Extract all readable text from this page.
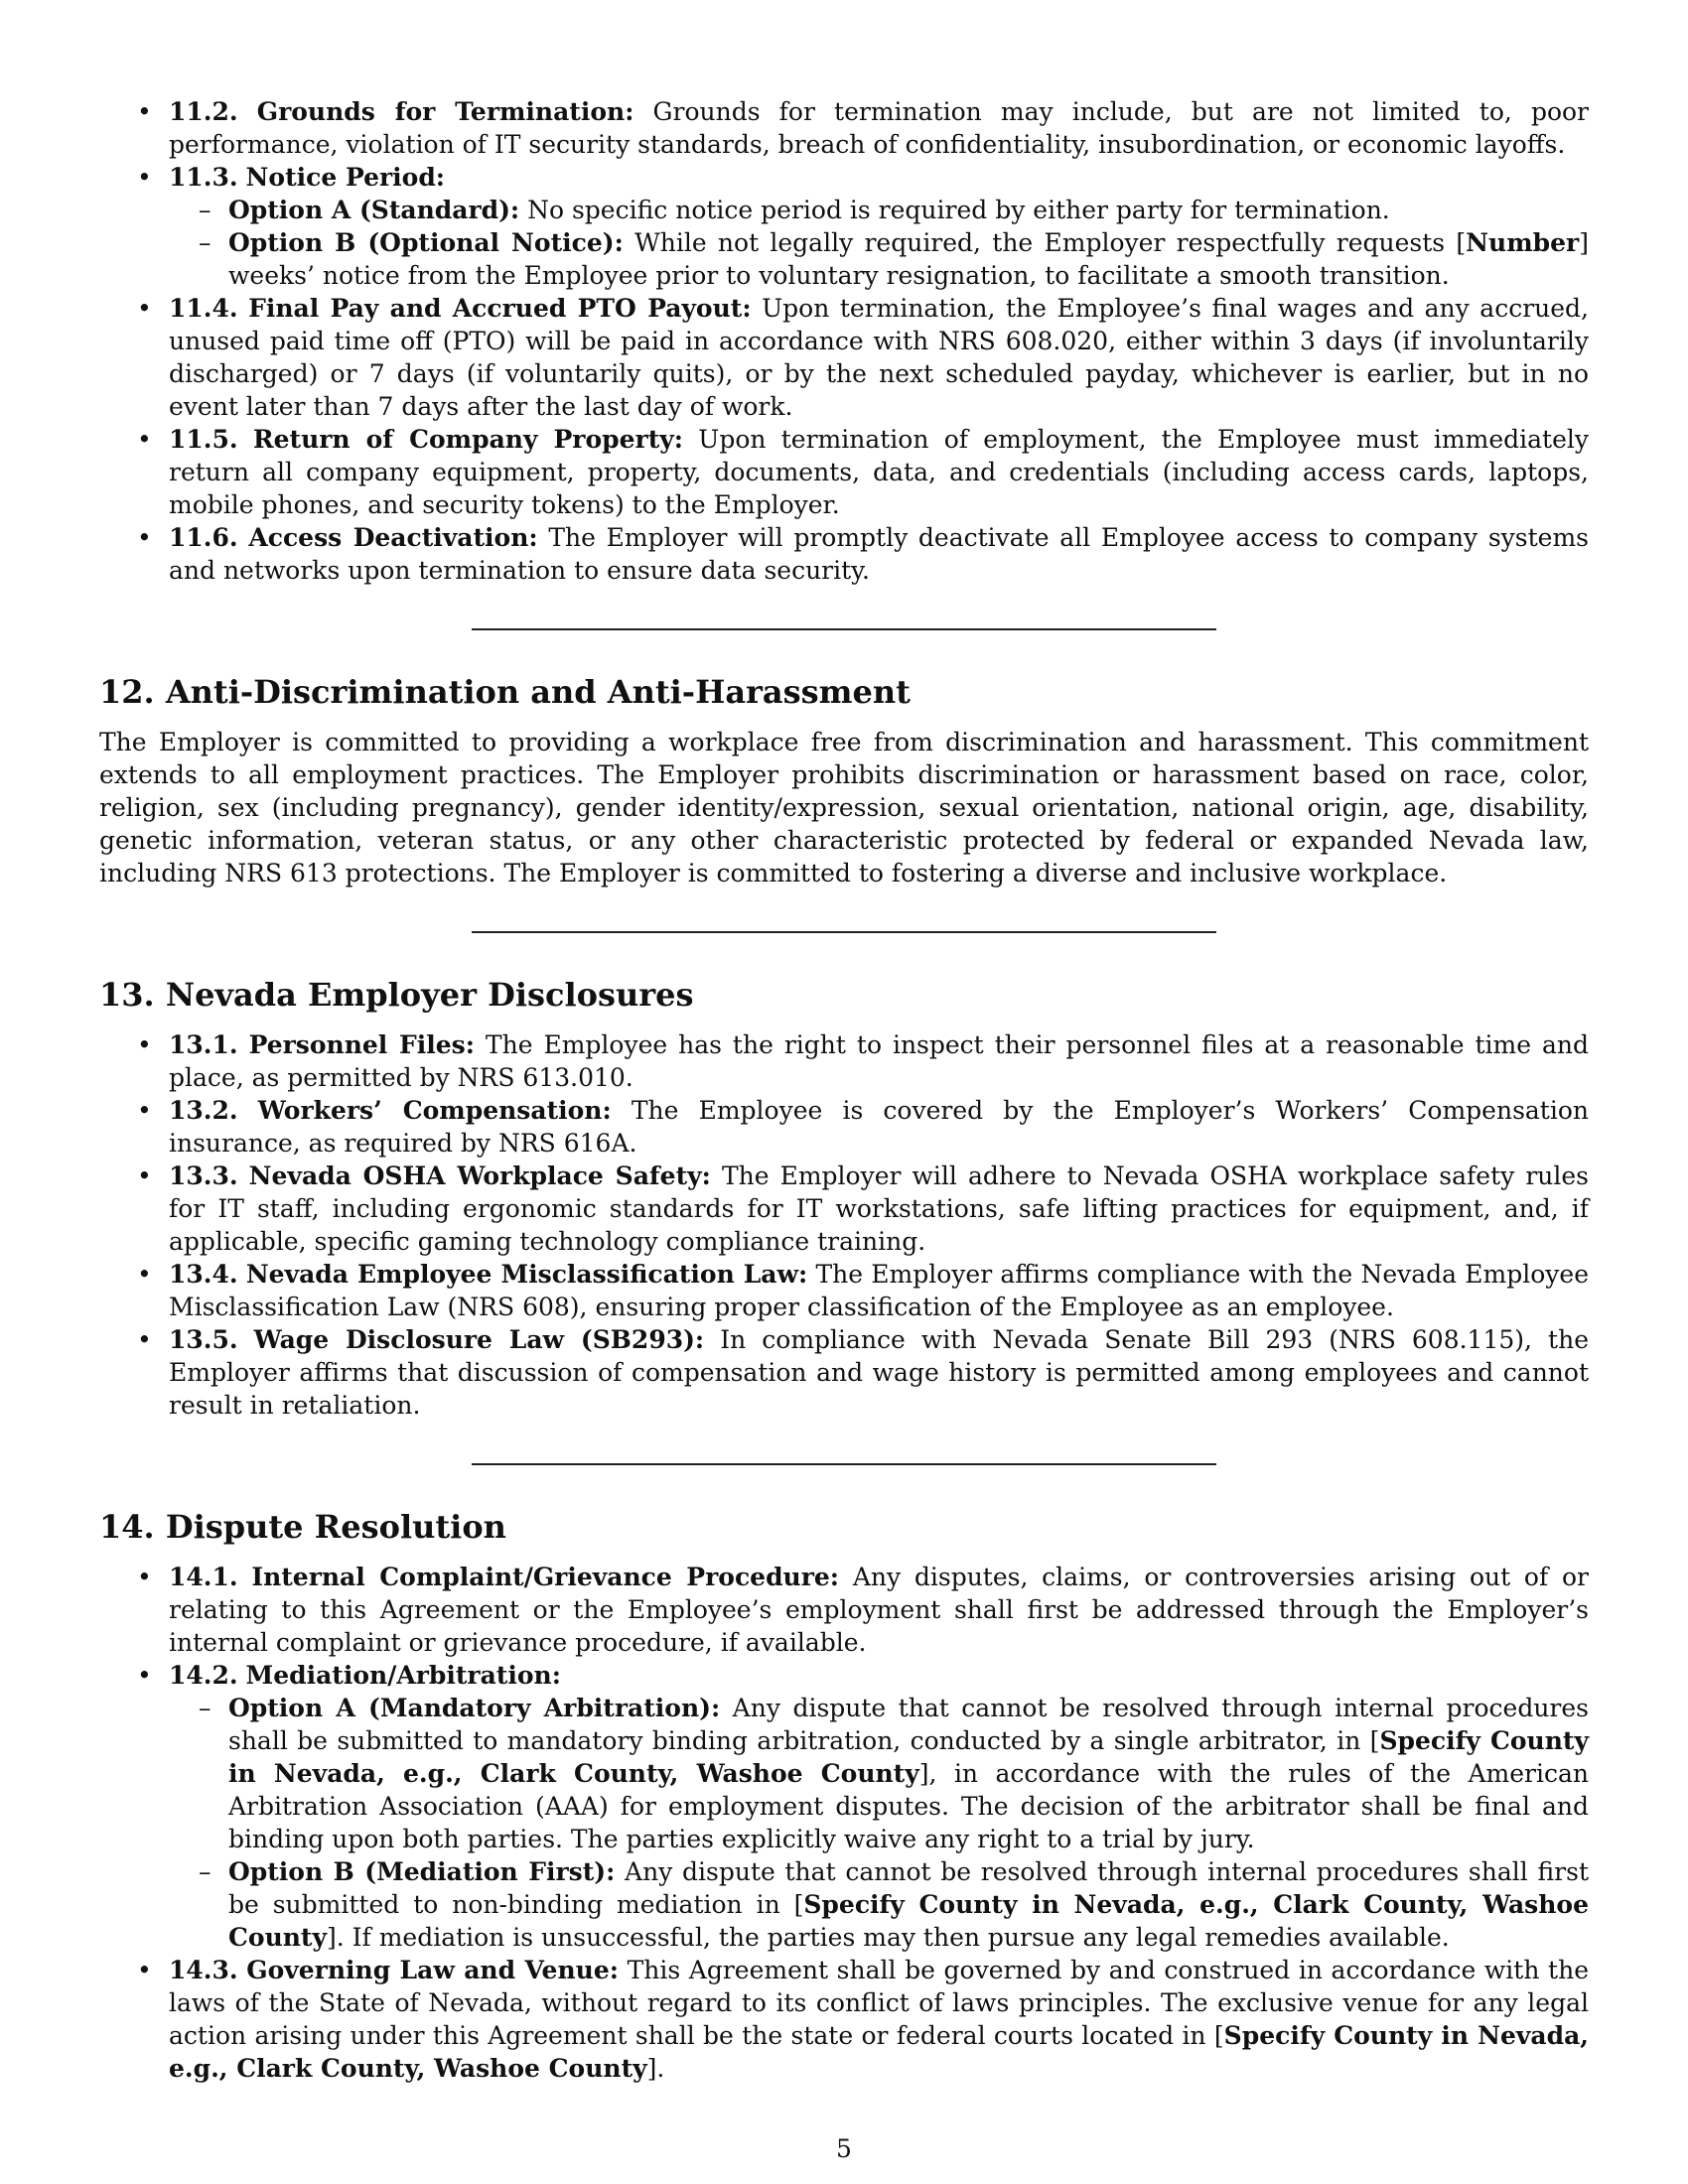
• 11.2. Grounds for Termination: Grounds for termination may include, but are not limited to, poor performance, violation of IT security standards, breach of confidentiality, insubordination, or economic layoffs.
• 11.3. Notice Period:
– Option A (Standard): No specific notice period is required by either party for termination.
– Option B (Optional Notice): While not legally required, the Employer respectfully requests [Number] weeks’ notice from the Employee prior to voluntary resignation, to facilitate a smooth transition.
• 11.4. Final Pay and Accrued PTO Payout: Upon termination, the Employee’s final wages and any accrued, unused paid time off (PTO) will be paid in accordance with NRS 608.020, either within 3 days (if involuntarily discharged) or 7 days (if voluntarily quits), or by the next scheduled payday, whichever is earlier, but in no event later than 7 days after the last day of work.
• 11.5. Return of Company Property: Upon termination of employment, the Employee must immediately return all company equipment, property, documents, data, and credentials (including access cards, laptops, mobile phones, and security tokens) to the Employer.
• 11.6. Access Deactivation: The Employer will promptly deactivate all Employee access to company systems and networks upon termination to ensure data security.
12. Anti-Discrimination and Anti-Harassment

The Employer is committed to providing a workplace free from discrimination and harassment. This commitment extends to all employment practices. The Employer prohibits discrimination or harassment based on race, color, religion, sex (including pregnancy), gender identity/expression, sexual orientation, national origin, age, disability, genetic information, veteran status, or any other characteristic protected by federal or expanded Nevada law, including NRS 613 protections. The Employer is committed to fostering a diverse and inclusive workplace.

13. Nevada Employer Disclosures
• 13.1. Personnel Files: The Employee has the right to inspect their personnel files at a reasonable time and place, as permitted by NRS 613.010.
• 13.2. Workers’ Compensation: The Employee is covered by the Employer’s Workers’ Compensation insurance, as required by NRS 616A.
• 13.3. Nevada OSHA Workplace Safety: The Employer will adhere to Nevada OSHA workplace safety rules for IT staff, including ergonomic standards for IT workstations, safe lifting practices for equipment, and, if applicable, specific gaming technology compliance training.
• 13.4. Nevada Employee Misclassification Law: The Employer affirms compliance with the Nevada Employee Misclassification Law (NRS 608), ensuring proper classification of the Employee as an employee.
• 13.5. Wage Disclosure Law (SB293): In compliance with Nevada Senate Bill 293 (NRS 608.115), the Employer affirms that discussion of compensation and wage history is permitted among employees and cannot result in retaliation.
14. Dispute Resolution
• 14.1. Internal Complaint/Grievance Procedure: Any disputes, claims, or controversies arising out of or relating to this Agreement or the Employee’s employment shall first be addressed through the Employer’s internal complaint or grievance procedure, if available.
• 14.2. Mediation/Arbitration:
– Option A (Mandatory Arbitration): Any dispute that cannot be resolved through internal procedures shall be submitted to mandatory binding arbitration, conducted by a single arbitrator, in [Specify County in Nevada, e.g., Clark County, Washoe County], in accordance with the rules of the American Arbitration Association (AAA) for employment disputes. The decision of the arbitrator shall be final and binding upon both parties. The parties explicitly waive any right to a trial by jury.
– Option B (Mediation First): Any dispute that cannot be resolved through internal procedures shall first be submitted to non-binding mediation in [Specify County in Nevada, e.g., Clark County, Washoe County]. If mediation is unsuccessful, the parties may then pursue any legal remedies available.
• 14.3. Governing Law and Venue: This Agreement shall be governed by and construed in accordance with the laws of the State of Nevada, without regard to its conflict of laws principles. The exclusive venue for any legal action arising under this Agreement shall be the state or federal courts located in [Specify County in Nevada, e.g., Clark County, Washoe County].
5
